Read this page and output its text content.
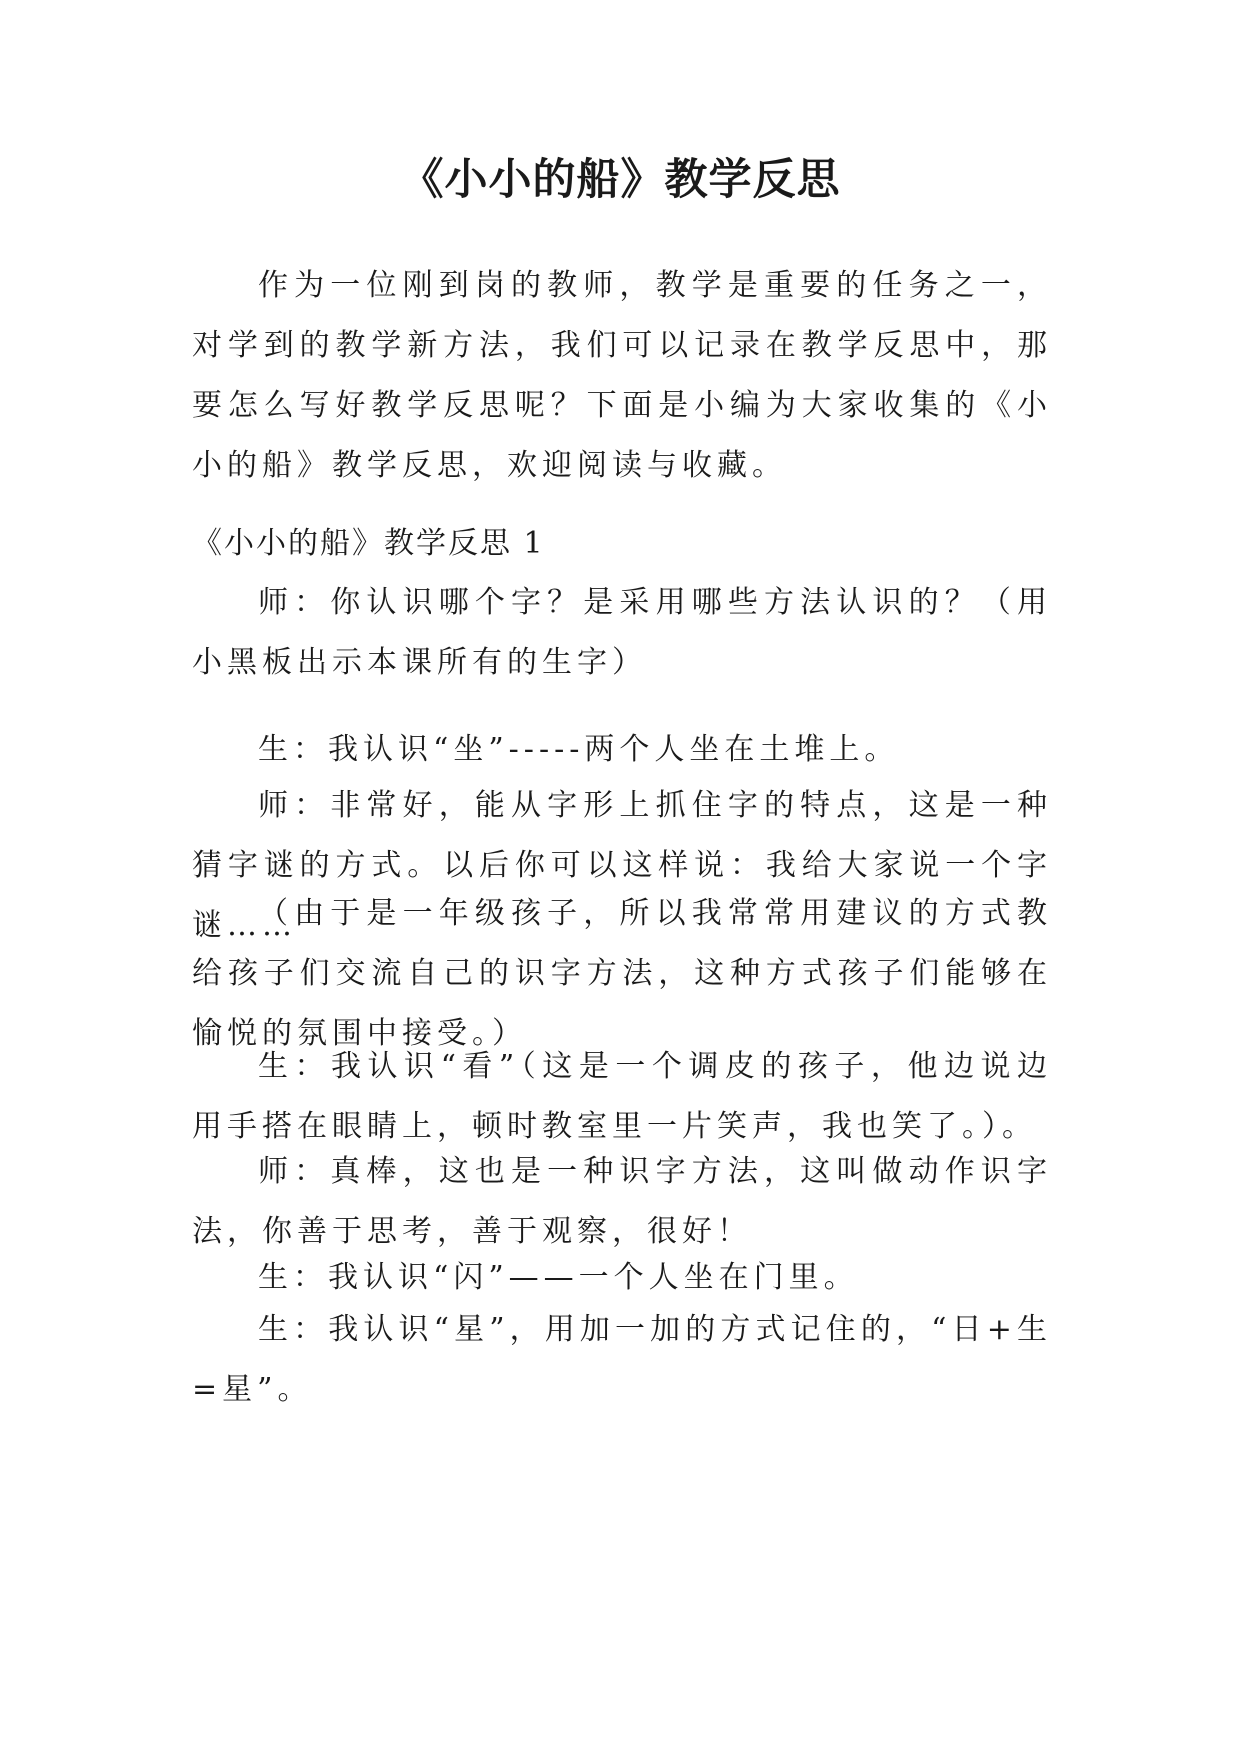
《小小的船》教学反思

作为一位刚到岗的教师，教学是重要的任务之一，对学到的教学新方法，我们可以记录在教学反思中，那要怎么写好教学反思呢？下面是小编为大家收集的《小小的船》教学反思，欢迎阅读与收藏。

《小小的船》教学反思 1

师：你认识哪个字？是采用哪些方法认识的？（用小黑板出示本课所有的生字）

生：我认识“坐”-----两个人坐在土堆上。

师：非常好，能从字形上抓住字的特点，这是一种猜字谜的方式。以后你可以这样说：我给大家说一个字谜……

（由于是一年级孩子，所以我常常用建议的方式教给孩子们交流自己的识字方法，这种方式孩子们能够在愉悦的氛围中接受。）

生：我认识“看”（这是一个调皮的孩子，他边说边用手搭在眼睛上，顿时教室里一片笑声，我也笑了。）。

师：真棒，这也是一种识字方法，这叫做动作识字法，你善于思考，善于观察，很好！

生：我认识“闪”——一个人坐在门里。

生：我认识“星”，用加一加的方式记住的，“日+生=星”。
